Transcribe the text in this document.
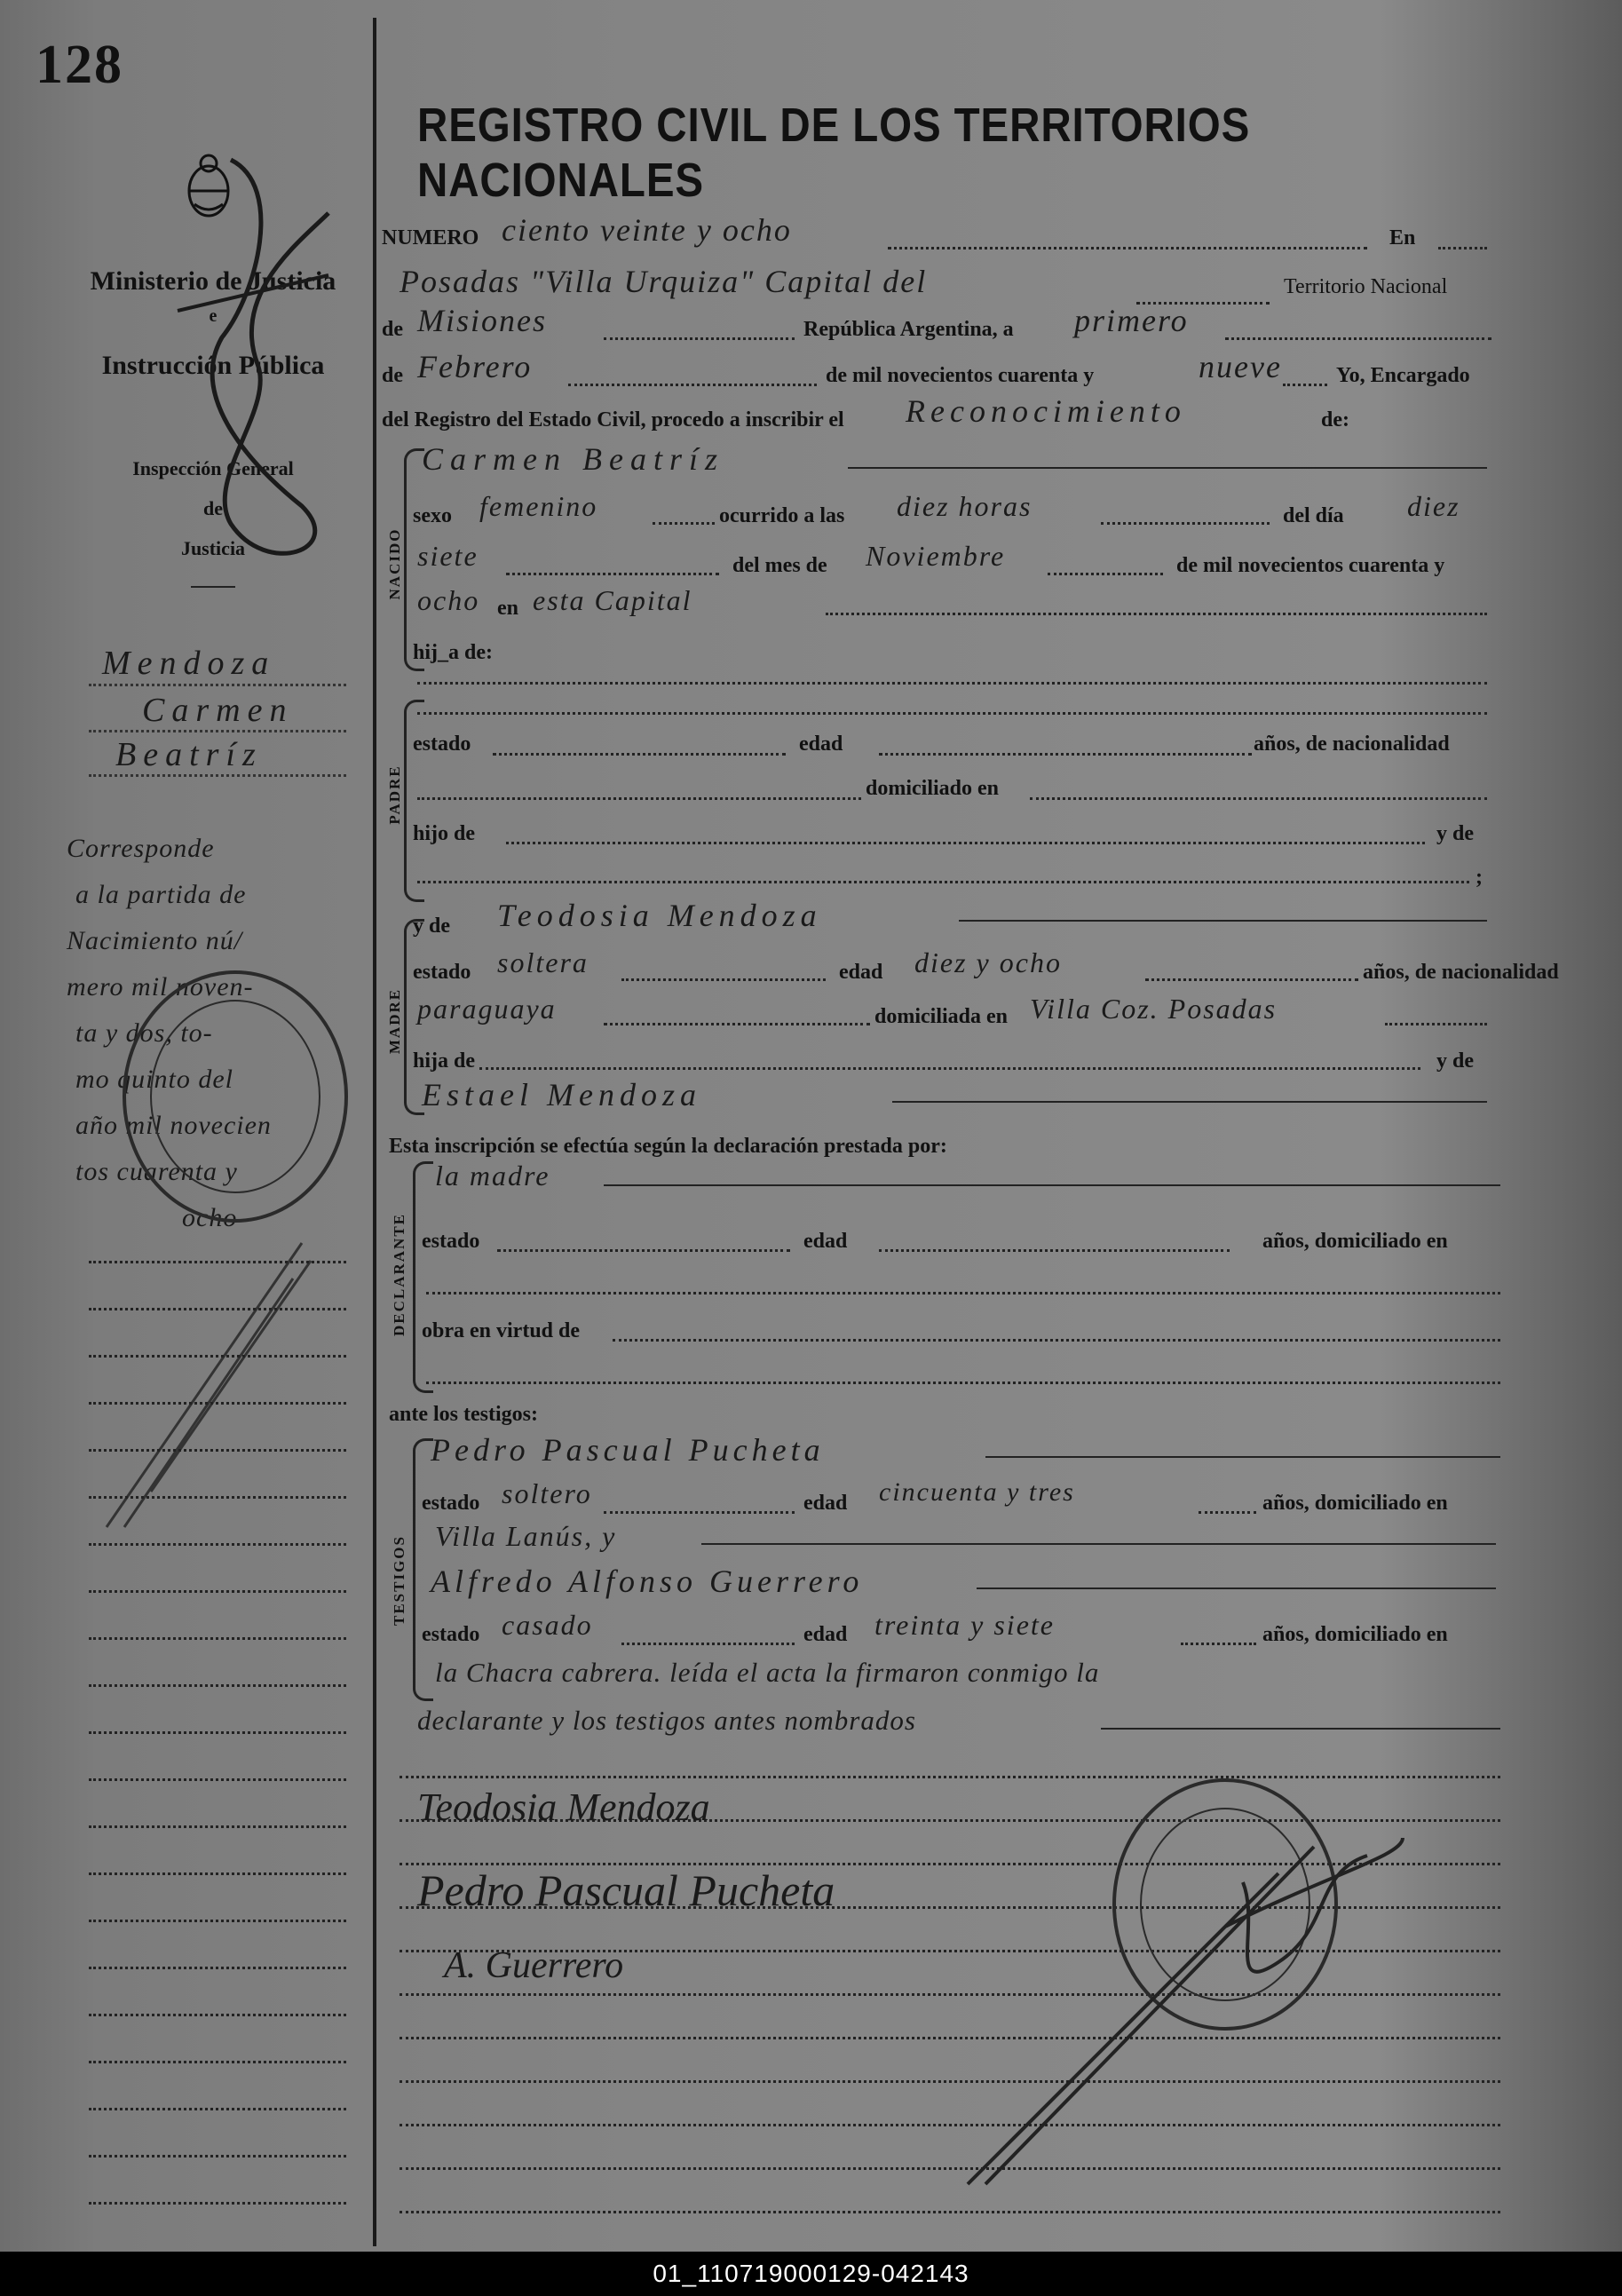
128
REGISTRO CIVIL DE LOS TERRITORIOS NACIONALES
Ministerio de Justicia
e
Instrucción Pública
Inspección General
de
Justicia
Mendoza
Carmen
Beatríz
Corresponde
a la partida de
Nacimiento nú/
mero mil noven-
ta y dos, to-
mo quinto del
año mil novecien
tos cuarenta y
ocho
NUMERO ciento veinte y ocho	En
Posadas "Villa Urquiza" Capital del	Territorio Nacional
de Misiones	República Argentina, a primero
de Febrero	de mil novecientos cuarenta y	nueve	Yo, Encargado
del Registro del Estado Civil, procedo a inscribir el Reconocimiento	de:
NACIDO
Carmen Beatríz
sexo femenino	ocurrido a las diez horas	del día diez
siete	del mes de Noviembre	de mil novecientos cuarenta y
ocho en esta Capital
hij_a de:
PADRE
estado	edad	años, de nacionalidad
domiciliado en
hijo de	y de
;
MADRE
y de Teodosia Mendoza
estado soltera	edad diez y ocho	años, de nacionalidad
paraguaya	domiciliada en Villa Coz. Posadas
hija de	y de
Estael Mendoza
Esta inscripción se efectúa según la declaración prestada por:
DECLARANTE
la madre
estado	edad	años, domiciliado en
obra en virtud de
ante los testigos:
TESTIGOS
Pedro Pascual Pucheta
estado soltero	edad cincuenta y tres	años, domiciliado en
Villa Lanús, y
Alfredo Alfonso Guerrero
estado casado	edad treinta y siete	años, domiciliado en
la Chacra cabrera. leída el acta la firmaron conmigo la
declarante y los testigos antes nombrados
Teodosia Mendoza
Pedro Pascual Pucheta
A. Guerrero
01_110719000129-042143
